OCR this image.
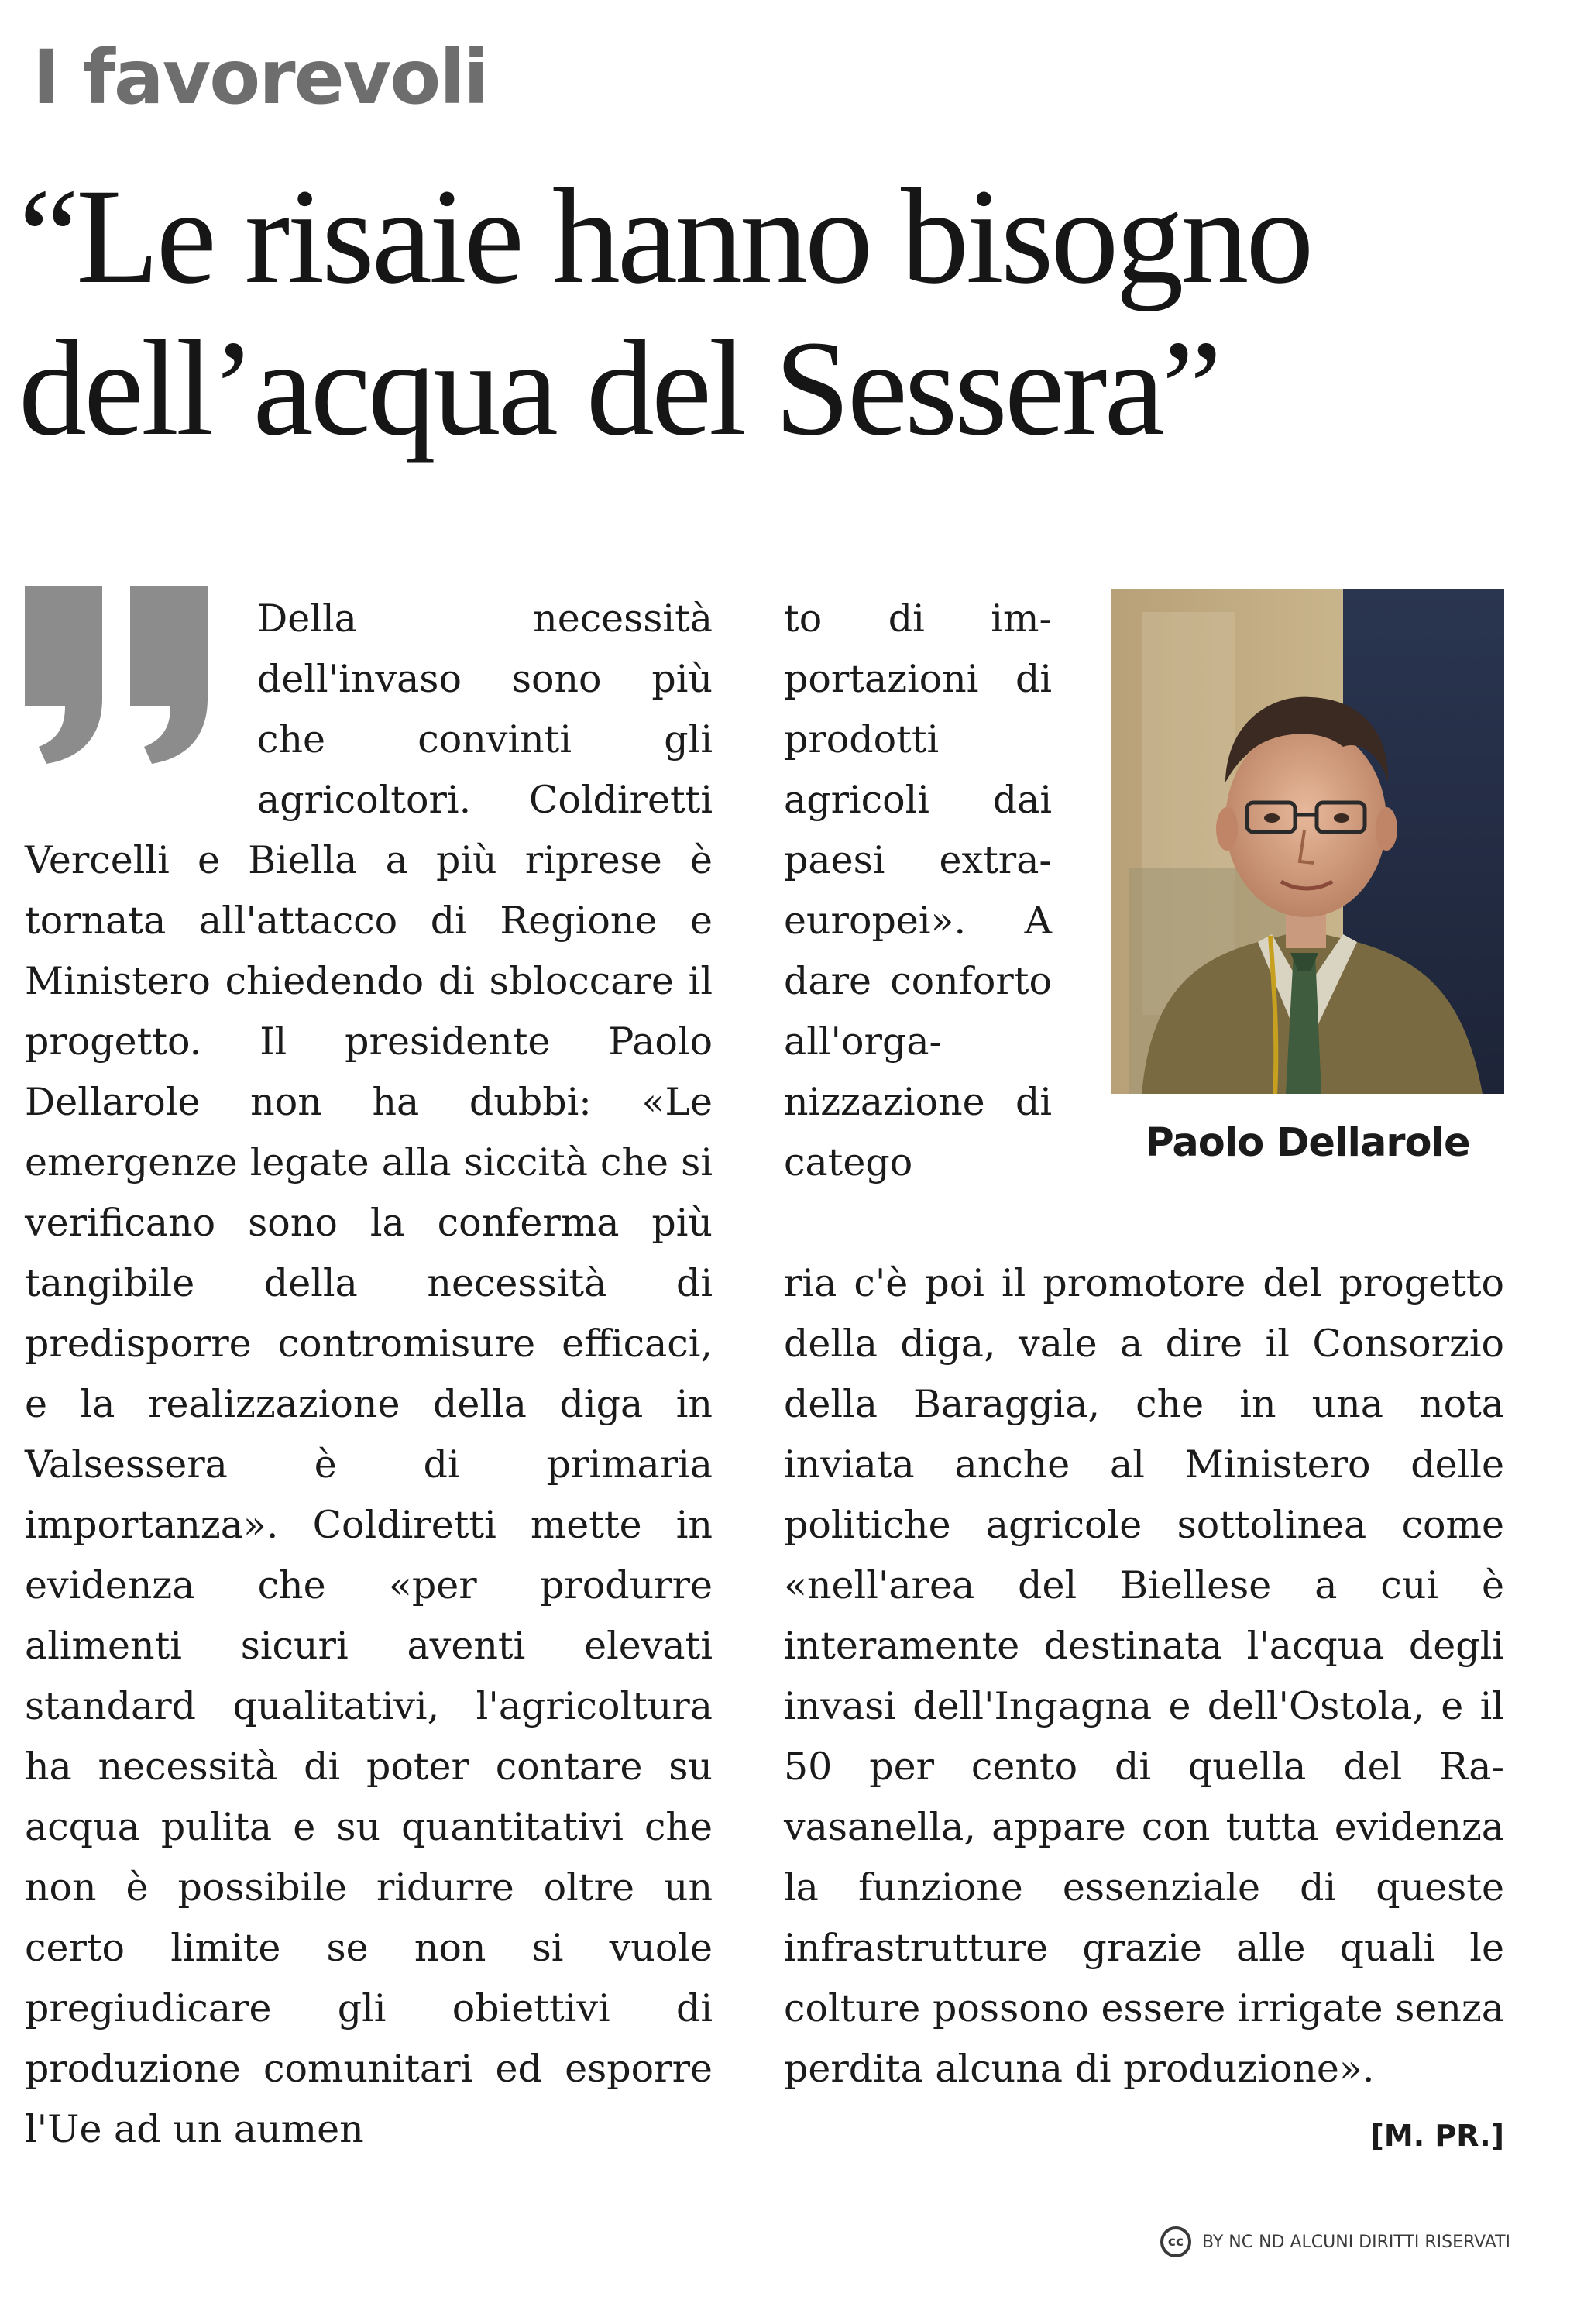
I favorevoli
“Le risaie hanno bisogno
dell’acqua del Sessera”

Della necessità dell'invaso sono più che convinti gli agricoltori. Coldiretti Vercelli e Biella a più riprese è tornata all'attacco di Regione e Ministero chiedendo di sbloccare il progetto. Il presidente Paolo Dellarole non ha dubbi: «Le emergenze legate alla siccità che si verificano sono la conferma più tangibile della necessità di predisporre contromisure efficaci, e la realizzazione della diga in Valsessera è di primaria importanza». Coldiretti mette in evidenza che «per produrre alimenti sicuri aventi elevati standard qualitativi, l'agricoltura ha necessità di poter contare su acqua pulita e su quantitativi che non è possibile ridurre oltre un certo limite se non si vuole pregiudicare gli obiettivi di produzione comunitari ed esporre l'Ue ad un aumen

to di importazioni di prodotti agricoli dai paesi extra-europei». A dare conforto all'organizzazione di catego

ria c'è poi il promotore del progetto della diga, vale a dire il Consorzio della Baraggia, che in una nota inviata anche al Ministero delle politiche agricole sottolinea come «nell'area del Biellese a cui è interamente destinata l'acqua degli invasi dell'Ingagna e dell'Ostola, e il 50 per cento di quella del Ravasanella, appare con tutta evidenza la funzione essenziale di queste infrastrutture grazie alle quali le colture possono essere irrigate senza perdita alcuna di produzione».
[M. PR.]

Paolo Dellarole

cc	BY NC ND ALCUNI DIRITTI RISERVATI
